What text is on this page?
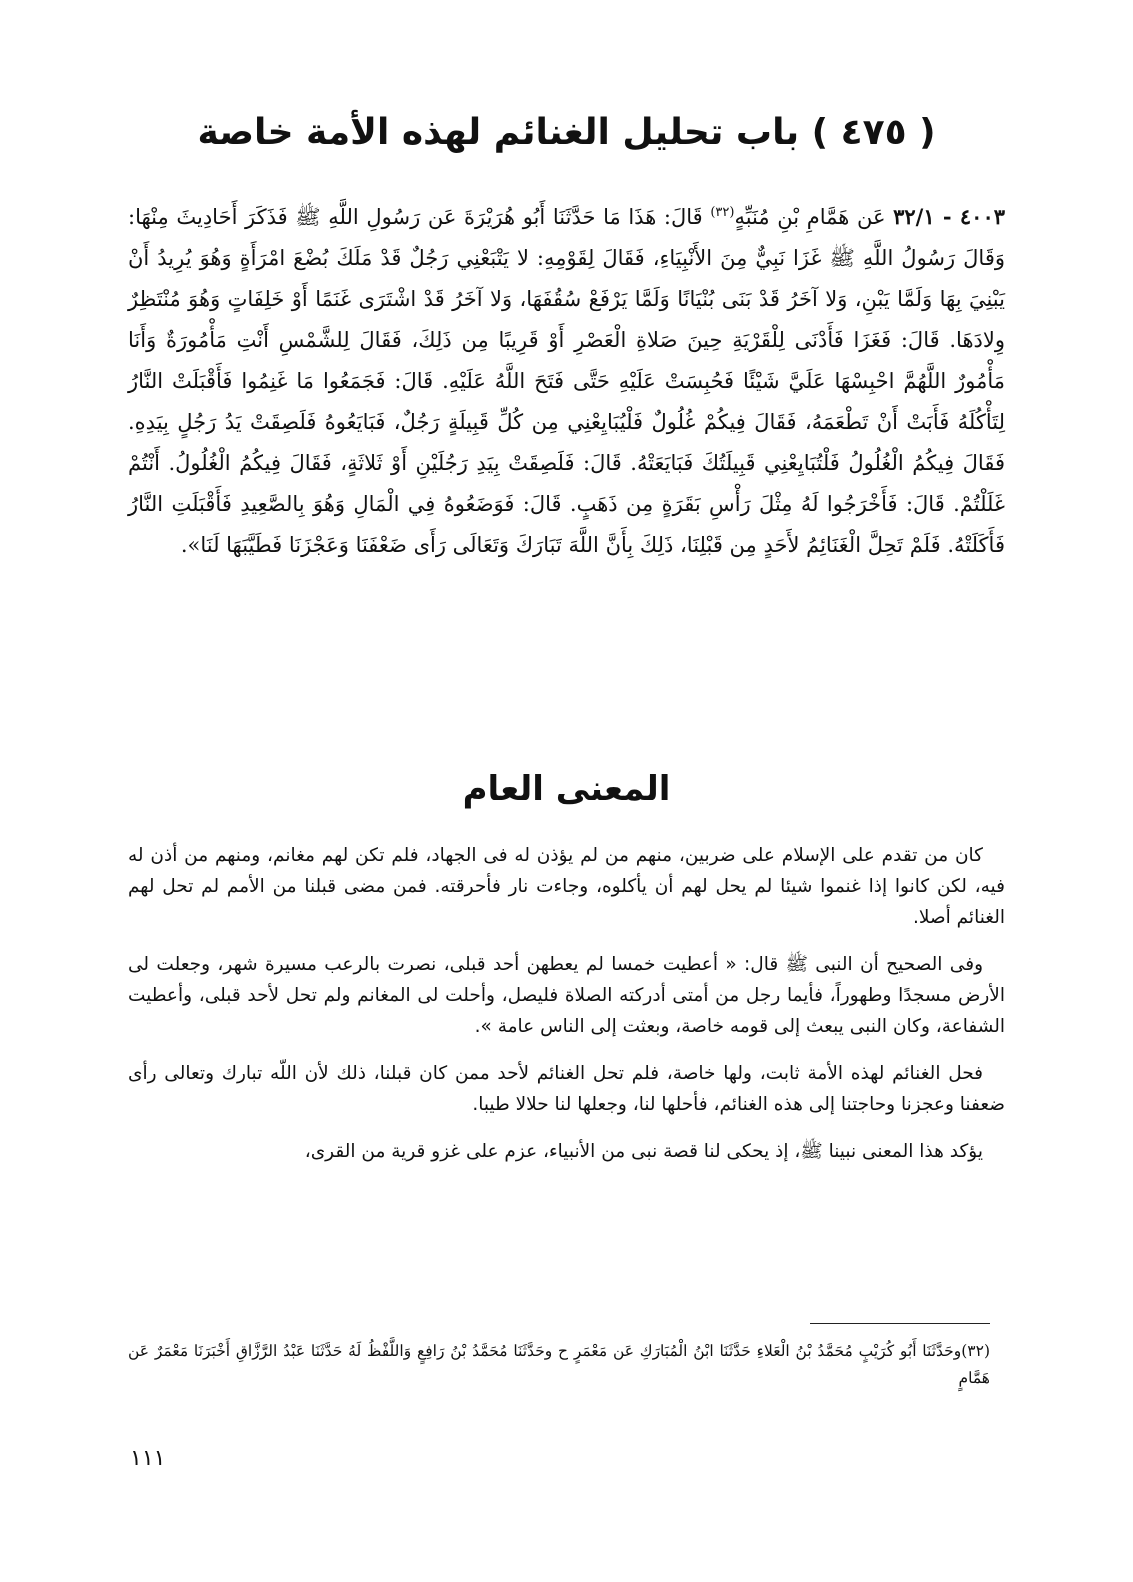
( ٤٧٥ ) باب تحليل الغنائم لهذه الأمة خاصة
٤٠٠٣ - ٣٢/١ عَن هَمَّامِ بْنِ مُنَبِّهٍ$^{(٣٢)}$ قَالَ: هَذَا مَا حَدَّثَنَا أَبُو هُرَيْرَةَ عَن رَسُولِ اللَّهِ ﷺ فَذَكَرَ أَحَادِيثَ مِنْهَا: وَقَالَ رَسُولُ اللَّهِ ﷺ غَزَا نَبِيٌّ مِنَ الأَنْبِيَاءِ، فَقَالَ لِقَوْمِهِ: لا يَتْبَعْنِي رَجُلٌ قَدْ مَلَكَ بُضْعَ امْرَأَةٍ وَهُوَ يُرِيدُ أَنْ يَبْنِيَ بِهَا وَلَمَّا يَبْنِ، وَلا آخَرُ قَدْ بَنَى بُنْيَانًا وَلَمَّا يَرْفَعْ سُقُفَهَا، وَلا آخَرُ قَدْ اشْتَرَى غَنَمًا أَوْ خَلِفَاتٍ وَهُوَ مُنْتَظِرٌ وِلادَهَا. قَالَ: فَغَزَا فَأَدْنَى لِلْقَرْيَةِ حِينَ صَلاةِ الْعَصْرِ أَوْ قَرِيبًا مِن ذَلِكَ، فَقَالَ لِلشَّمْسِ أَنْتِ مَأْمُورَةٌ وَأَنَا مَأْمُورٌ اللَّهُمَّ احْبِسْهَا عَلَيَّ شَيْئًا فَحُبِسَتْ عَلَيْهِ حَتَّى فَتَحَ اللَّهُ عَلَيْهِ. قَالَ: فَجَمَعُوا مَا غَنِمُوا فَأَقْبَلَتْ النَّارُ لِتَأْكُلَهُ فَأَبَتْ أَنْ تَطْعَمَهُ، فَقَالَ فِيكُمْ غُلُولٌ فَلْيُبَايِعْنِي مِن كُلِّ قَبِيلَةٍ رَجُلٌ، فَبَايَعُوهُ فَلَصِقَتْ يَدُ رَجُلٍ بِيَدِهِ. فَقَالَ فِيكُمُ الْغُلُولُ فَلْتُبَايِعْنِي قَبِيلَتُكَ فَبَايَعَتْهُ. قَالَ: فَلَصِقَتْ بِيَدِ رَجُلَيْنِ أَوْ ثَلاثَةٍ، فَقَالَ فِيكُمُ الْغُلُولُ. أَنْتُمْ غَلَلْتُمْ. قَالَ: فَأَخْرَجُوا لَهُ مِثْلَ رَأْسِ بَقَرَةٍ مِن ذَهَبٍ. قَالَ: فَوَضَعُوهُ فِي الْمَالِ وَهُوَ بِالصَّعِيدِ فَأَقْبَلَتِ النَّارُ فَأَكَلَتْهُ. فَلَمْ تَحِلَّ الْغَنَائِمُ لأَحَدٍ مِن قَبْلِنَا، ذَلِكَ بِأَنَّ اللَّهَ تَبَارَكَ وَتَعَالَى رَأَى ضَعْفَنَا وَعَجْزَنَا فَطَيَّبَهَا لَنَا».
المعنى العام

كان من تقدم على الإسلام على ضربين، منهم من لم يؤذن له فى الجهاد، فلم تكن لهم مغانم، ومنهم من أذن له فيه، لكن كانوا إذا غنموا شيئا لم يحل لهم أن يأكلوه، وجاءت نار فأحرقته. فمن مضى قبلنا من الأمم لم تحل لهم الغنائم أصلا.

وفى الصحيح أن النبى ﷺ قال: « أعطيت خمسا لم يعطهن أحد قبلى، نصرت بالرعب مسيرة شهر، وجعلت لى الأرض مسجدًا وطهوراً، فأيما رجل من أمتى أدركته الصلاة فليصل، وأحلت لى المغانم ولم تحل لأحد قبلى، وأعطيت الشفاعة، وكان النبى يبعث إلى قومه خاصة، وبعثت إلى الناس عامة ».

فحل الغنائم لهذه الأمة ثابت، ولها خاصة، فلم تحل الغنائم لأحد ممن كان قبلنا، ذلك لأن اللّه تبارك وتعالى رأى ضعفنا وعجزنا وحاجتنا إلى هذه الغنائم، فأحلها لنا، وجعلها لنا حلالا طيبا.

يؤكد هذا المعنى نبينا ﷺ، إذ يحكى لنا قصة نبى من الأنبياء، عزم على غزو قرية من القرى،

(٣٢)وحَدَّثَنَا أَبُو كُرَيْبٍ مُحَمَّدُ بْنُ الْعَلاءِ حَدَّثَنَا ابْنُ الْمُبَارَكِ عَن مَعْمَرٍ ح وحَدَّثَنَا مُحَمَّدُ بْنُ رَافِعٍ وَاللَّفْظُ لَهُ حَدَّثَنَا عَبْدُ الرَّزَّاقِ أَخْبَرَنَا مَعْمَرٌ عَن هَمَّامٍ
١١١
